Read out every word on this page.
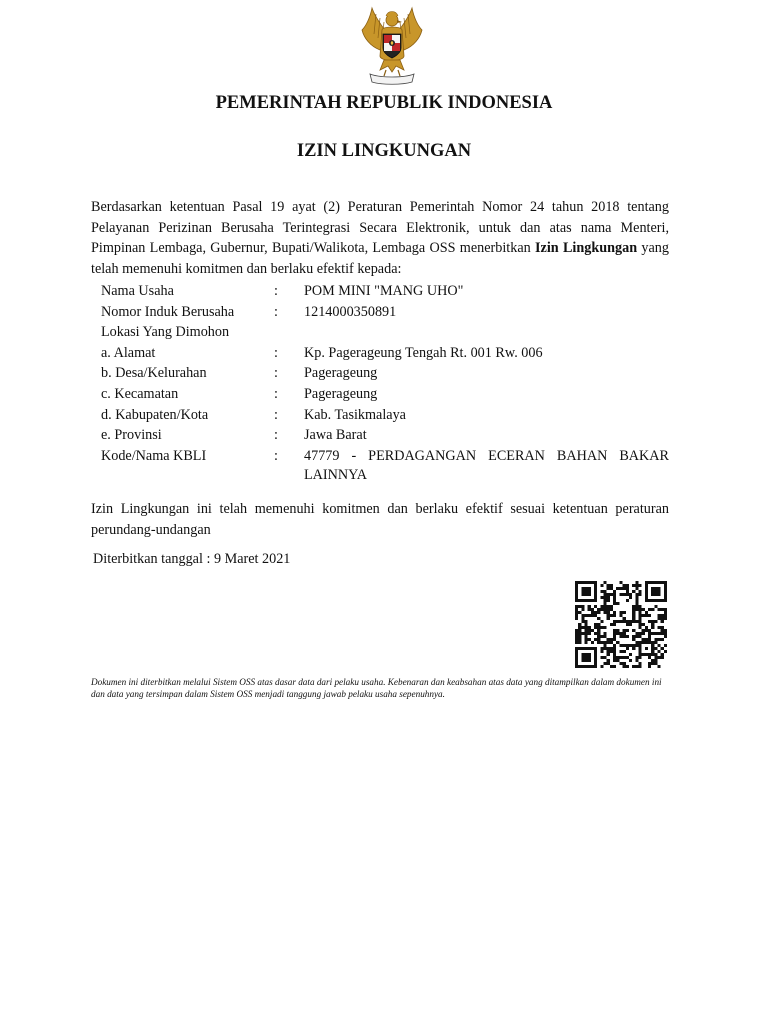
PEMERINTAH REPUBLIK INDONESIA
IZIN LINGKUNGAN

Berdasarkan ketentuan Pasal 19 ayat (2) Peraturan Pemerintah Nomor 24 tahun 2018 tentang Pelayanan Perizinan Berusaha Terintegrasi Secara Elektronik, untuk dan atas nama Menteri, Pimpinan Lembaga, Gubernur, Bupati/Walikota, Lembaga OSS menerbitkan Izin Lingkungan yang telah memenuhi komitmen dan berlaku efektif kepada:

Nama Usaha	:	POM MINI "MANG UHO"
Nomor Induk Berusaha	:	1214000350891
Lokasi Yang Dimohon		
a. Alamat	:	Kp. Pagerageung Tengah Rt. 001 Rw. 006
b. Desa/Kelurahan	:	Pagerageung
c. Kecamatan	:	Pagerageung
d. Kabupaten/Kota	:	Kab. Tasikmalaya
e. Provinsi	:	Jawa Barat
Kode/Nama KBLI	:	47779 - PERDAGANGAN ECERAN BAHAN BAKAR LAINNYA

Izin Lingkungan ini telah memenuhi komitmen dan berlaku efektif sesuai ketentuan peraturan perundang-undangan

Diterbitkan tanggal : 9 Maret 2021

Dokumen ini diterbitkan melalui Sistem OSS atas dasar data dari pelaku usaha. Kebenaran dan keabsahan atas data yang ditampilkan dalam dokumen ini dan data yang tersimpan dalam Sistem OSS menjadi tanggung jawab pelaku usaha sepenuhnya.
